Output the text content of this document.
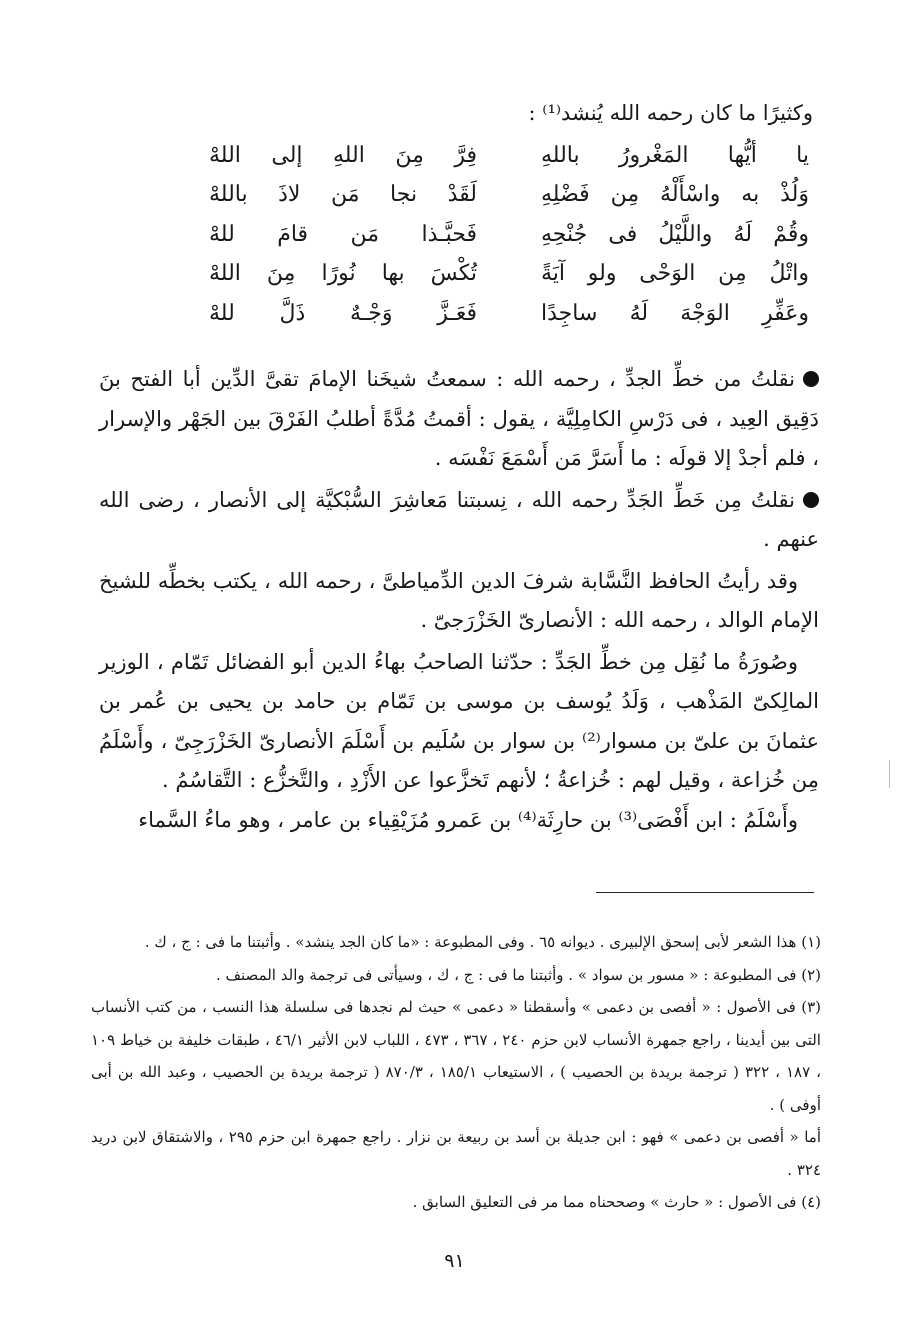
وكثيرًا ما كان رحمه الله يُنشد⁽¹⁾ :
يا أيُّها المَغْرورُ باللهِ
فِرَّ مِنَ اللهِ إلى اللهْ
وَلُذْ به واسْأَلْهُ مِن فَضْلِهِ
لَقَدْ نجا مَن لاذَ باللهْ
وقُمْ لَهُ واللَّيْلُ فى جُنْحِهِ
فَحبَّـذا مَن قامَ للهْ
واتْلُ مِن الوَحْى ولو آيَةً
تُكْسَ بها نُورًا مِنَ اللهْ
وعَفِّرِ الوَجْهَ لَهُ ساجِدًا
فَعَـزَّ وَجْـهٌ ذَلَّ للهْ

نقلتُ من خطِّ الجدِّ ، رحمه الله : سمعتُ شيخَنا الإمامَ تقىَّ الدِّين أبا الفتح بنَ دَقِيق العِيد ، فى دَرْسِ الكامِلِيَّة ، يقول : أقمتُ مُدَّةً أطلبُ الفَرْقَ بين الجَهْر والإسرار ، فلم أجدْ إلا قولَه : ما أَسَرَّ مَن أَسْمَعَ نَفْسَه .

نقلتُ مِن خَطِّ الجَدِّ رحمه الله ، نِسبتنا مَعاشِرَ السُّبْكيَّة إلى الأنصار ، رضى الله عنهم .

 وقد رأيتُ الحافظ النَّسَّابة شرفَ الدين الدِّمياطىَّ ، رحمه الله ، يكتب بخطِّه للشيخ الإمام الوالد ، رحمه الله : الأنصارىّ الخَزْرَجىّ .

 وصُورَةُ ما نُقِل مِن خطِّ الجَدِّ : حدّثنا الصاحبُ بهاءُ الدين أبو الفضائل تَمّام ، الوزير المالِكىّ المَذْهب ، وَلَدُ يُوسف بن موسى بن تَمّام بن حامد بن يحيى بن عُمر بن عثمانَ بن علىّ بن مسوار⁽²⁾ بن سوار بن سُلَيم بن أَسْلَمَ الأنصارىّ الخَزْرَجِىّ ، وأَسْلَمُ مِن خُزاعة ، وقيل لهم : خُزاعةُ ؛ لأنهم تَخزَّعوا عن الأَزْدِ ، والتَّخزُّع : التَّقاسُمُ .

 وأَسْلَمُ : ابن أَفْصَى⁽³⁾ بن حارِثَة⁽⁴⁾ بن عَمرو مُزَيْقِياء بن عامر ، وهو ماءُ السَّماء

(١) هذا الشعر لأبى إسحق الإلبيرى . ديوانه ٦٥ . وفى المطبوعة : «ما كان الجد ينشد» . وأثبتنا ما فى : ج ، ك .

(٢) فى المطبوعة : « مسور بن سواد » . وأثبتنا ما فى : ج ، ك ، وسيأتى فى ترجمة والد المصنف .

(٣) فى الأصول : « أفصى بن دعمى » وأسقطنا « دعمى » حيث لم نجدها فى سلسلة هذا النسب ، من كتب الأنساب التى بين أيدينا ، راجع جمهرة الأنساب لابن حزم ٢٤٠ ، ٣٦٧ ، ٤٧٣ ، اللباب لابن الأثير ٤٦/١ ، طبقات خليفة بن خياط ١٠٩ ، ١٨٧ ، ٣٢٢ ( ترجمة بريدة بن الحصيب ) ، الاستيعاب ١٨٥/١ ، ٨٧٠/٣ ( ترجمة بريدة بن الحصيب ، وعبد الله بن أبى أوفى ) .

أما « أفصى بن دعمى » فهو : ابن جديلة بن أسد بن ربيعة بن نزار . راجع جمهرة ابن حزم ٢٩٥ ، والاشتقاق لابن دريد ٣٢٤ .

(٤) فى الأصول : « حارث » وصححناه مما مر فى التعليق السابق .

٩١
